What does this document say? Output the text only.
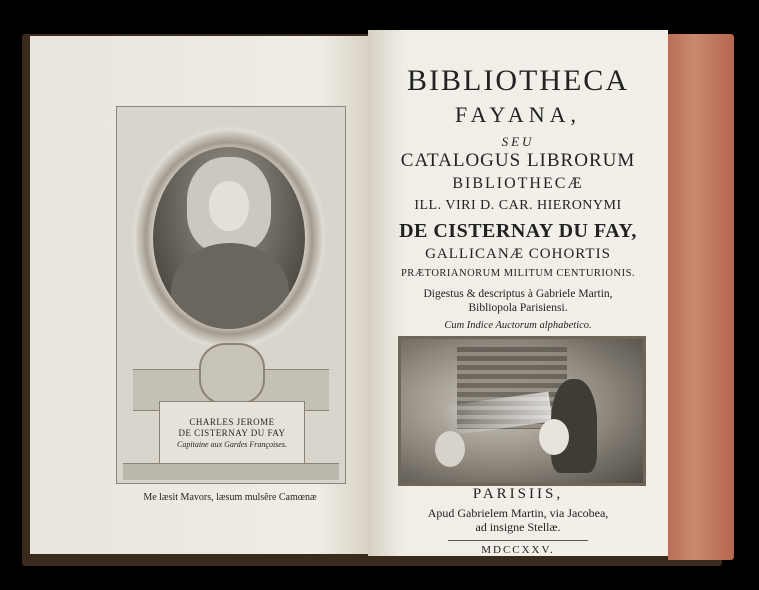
CHARLES JEROME
DE CISTERNAY DU FAY
Capitaine aux Gardes Françoises.
Me læsit Mavors, læsum mulsêre Camœnæ
BIBLIOTHECA
FAYANA,
SEU
CATALOGUS LIBRORUM
BIBLIOTHECÆ
ILL. VIRI D. CAR. HIERONYMI
DE CISTERNAY DU FAY,
GALLICANÆ COHORTIS
PRÆTORIANORUM MILITUM CENTURIONIS.
Digestus & descriptus à Gabriele Martin,
Bibliopola Parisiensi.
Cum Indice Auctorum alphabetico.
PARISIIS,
Apud Gabrielem Martin, via Jacobea,
ad insigne Stellæ.
MDCCXXV.
